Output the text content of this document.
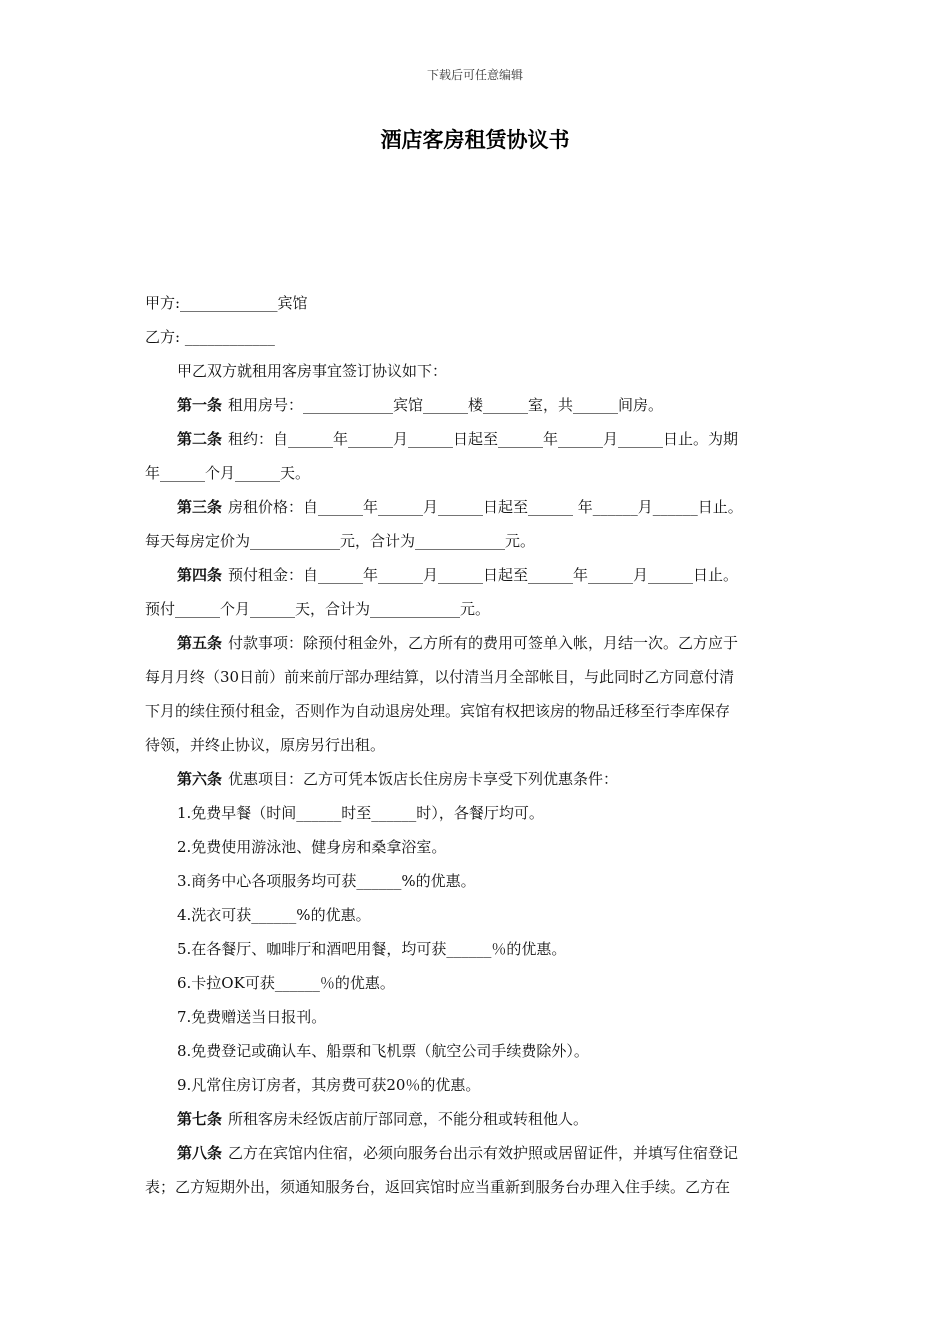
下载后可任意编辑
酒店客房租赁协议书
甲方:_____________宾馆
乙方: ____________
甲乙双方就租用客房事宜签订协议如下：
第一条 租用房号：____________宾馆______楼______室，共______间房。
第二条 租约：自______年______月______日起至______年______月______日止。为期
年______个月______天。
第三条 房租价格：自______年______月______日起至______ 年______月______日止。
每天每房定价为____________元，合计为____________元。
第四条 预付租金：自______年______月______日起至______年______月______日止。
预付______个月______天，合计为____________元。
第五条 付款事项：除预付租金外，乙方所有的费用可签单入帐，月结一次。乙方应于
每月月终（30日前）前来前厅部办理结算，以付清当月全部帐目，与此同时乙方同意付清
下月的续住预付租金，否则作为自动退房处理。宾馆有权把该房的物品迁移至行李库保存
待领，并终止协议，原房另行出租。
第六条 优惠项目：乙方可凭本饭店长住房房卡享受下列优惠条件：
1.免费早餐（时间______时至______时），各餐厅均可。
2.免费使用游泳池、健身房和桑拿浴室。
3.商务中心各项服务均可获______%的优惠。
4.洗衣可获______%的优惠。
5.在各餐厅、咖啡厅和酒吧用餐，均可获______％的优惠。
6.卡拉OK可获______％的优惠。
7.免费赠送当日报刊。
8.免费登记或确认车、船票和飞机票（航空公司手续费除外）。
9.凡常住房订房者，其房费可获20％的优惠。
第七条 所租客房未经饭店前厅部同意，不能分租或转租他人。
第八条 乙方在宾馆内住宿，必须向服务台出示有效护照或居留证件，并填写住宿登记
表；乙方短期外出，须通知服务台，返回宾馆时应当重新到服务台办理入住手续。乙方在
